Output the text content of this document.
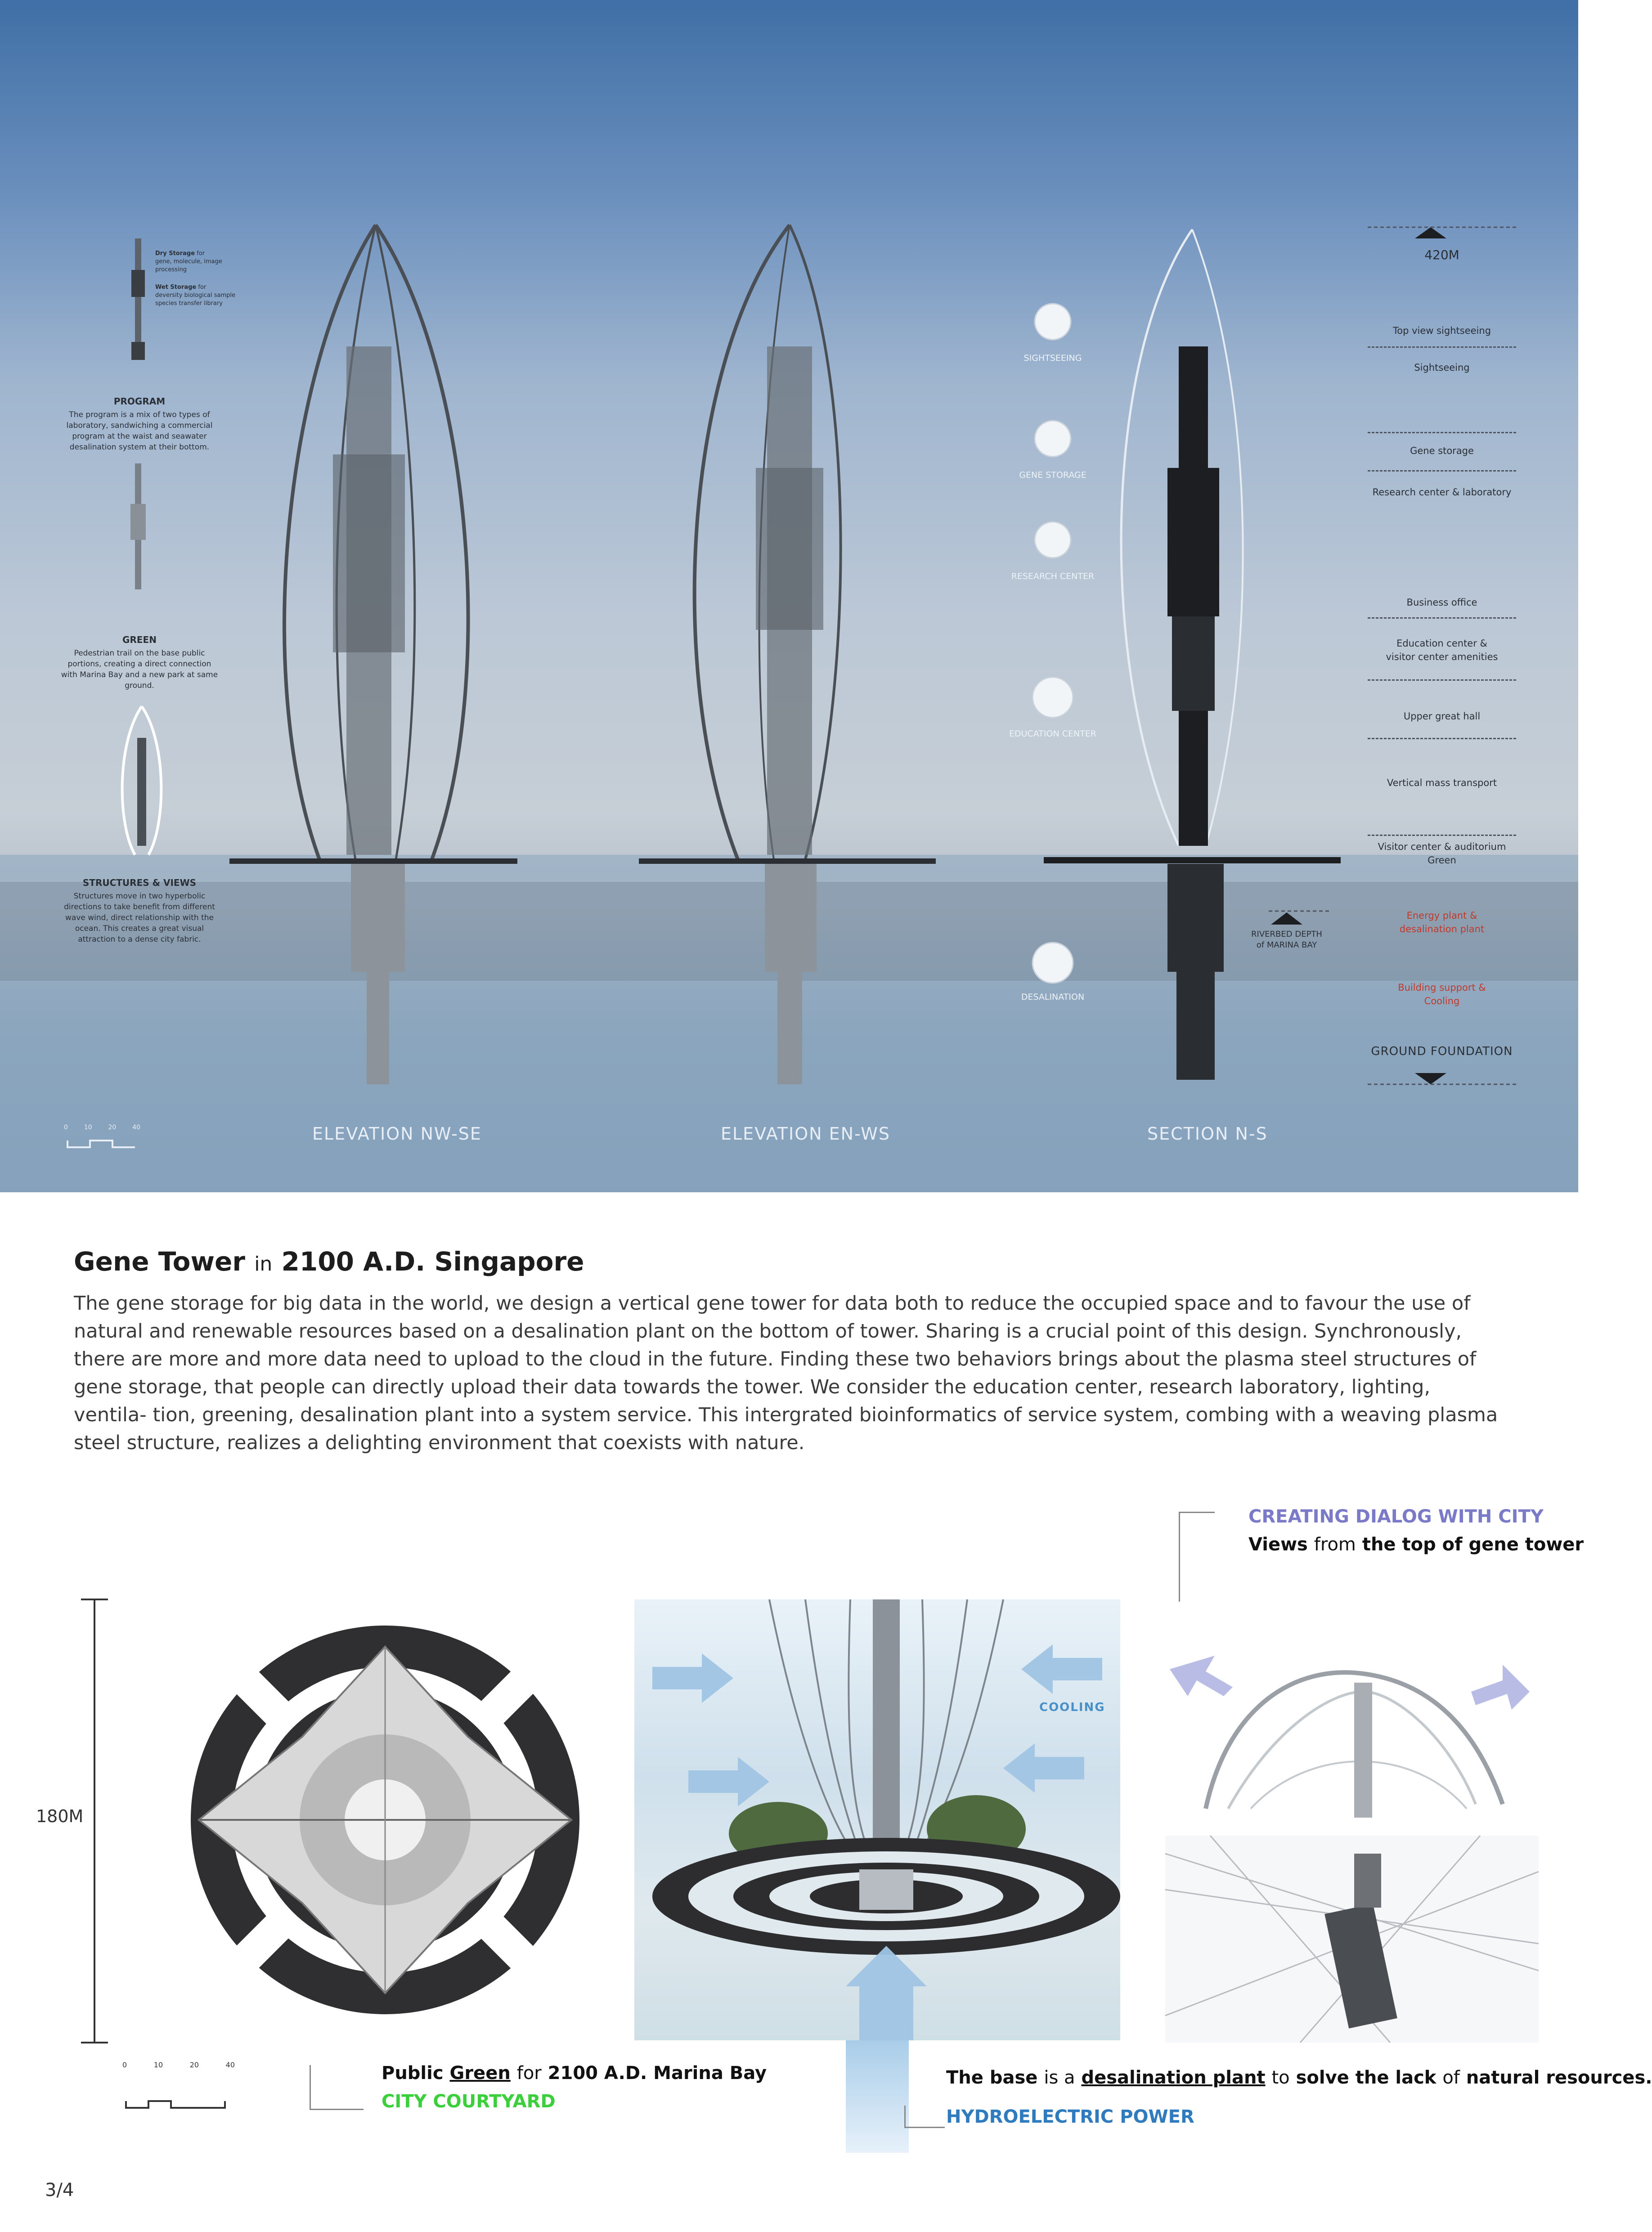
Dry Storage for
gene, molecule, image processing
Wet Storage for
deversity biological sample
species transfer library
PROGRAM
The program is a mix of two types of laboratory, sandwiching a commercial program at the waist and seawater desalination system at their bottom.
GREEN
Pedestrian trail on the base public portions, creating a direct connection with Marina Bay and a new park at same ground.
STRUCTURES & VIEWS
Structures move in two hyperbolic directions to take benefit from different wave wind, direct relationship with the ocean. This creates a great visual attraction to a dense city fabric.
SIGHTSEEING
GENE STORAGE
RESEARCH CENTER
EDUCATION CENTER
DESALINATION
420M
Top view sightseeing
Sightseeing
Gene storage
Research center & laboratory
Business office
Education center &
visitor center amenities
Upper great hall
Vertical mass transport
Visitor center & auditorium
Green
Energy plant &
desalination plant
Building support &
Cooling
GROUND FOUNDATION
RIVERBED DEPTH
of MARINA BAY
0	10	20	40	ELEVATION NW-SE	ELEVATION EN-WS	SECTION N-S
Gene Tower in 2100 A.D. Singapore

The gene storage for big data in the world, we design a vertical gene tower for data both to reduce the occupied space and to favour the use of natural and renewable resources based on a desalination plant on the bottom of tower. Sharing is a crucial point of this design. Synchronously, there are more and more data need to upload to the cloud in the future. Finding these two behaviors brings about the plasma steel structures of gene storage, that people can directly upload their data towards the tower. We consider the education center, research laboratory, lighting, ventila- tion, greening, desalination plant into a system service. This intergrated bioinformatics of service system, combing with a weaving plasma steel structure, realizes a delighting environment that coexists with nature.

180M
0	10	20	40	Public Green for 2100 A.D. Marina Bay
CITY COURTYARD
COOLING
The base is a desalination plant to solve the lack of natural resources.
HYDROELECTRIC POWER
CREATING DIALOG WITH CITY
Views from the top of gene tower
3/4
